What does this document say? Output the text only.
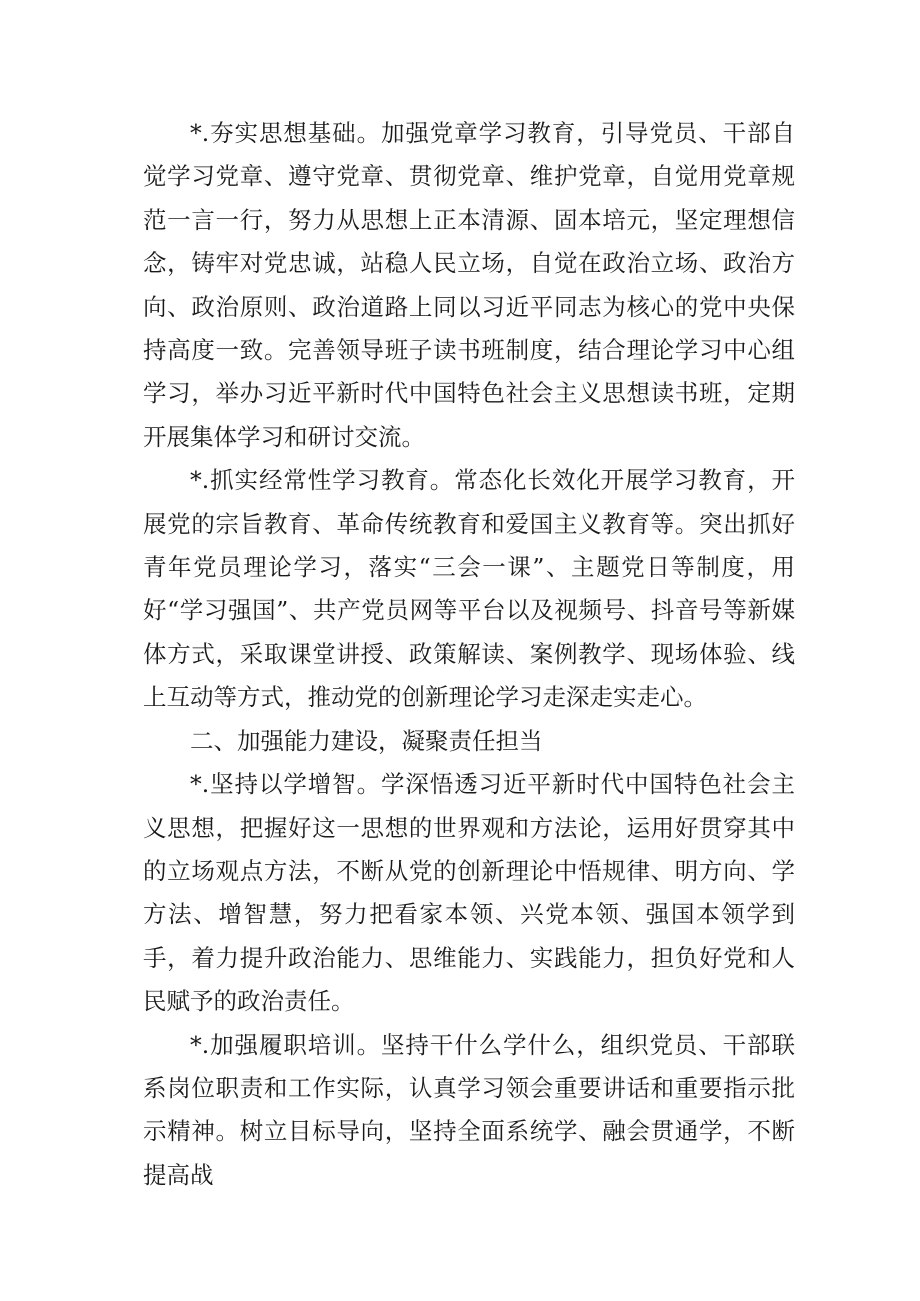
*.夯实思想基础。加强党章学习教育，引导党员、干部自觉学习党章、遵守党章、贯彻党章、维护党章，自觉用党章规范一言一行，努力从思想上正本清源、固本培元，坚定理想信念，铸牢对党忠诚，站稳人民立场，自觉在政治立场、政治方向、政治原则、政治道路上同以习近平同志为核心的党中央保持高度一致。完善领导班子读书班制度，结合理论学习中心组学习，举办习近平新时代中国特色社会主义思想读书班，定期开展集体学习和研讨交流。

*.抓实经常性学习教育。常态化长效化开展学习教育，开展党的宗旨教育、革命传统教育和爱国主义教育等。突出抓好青年党员理论学习，落实“三会一课”、主题党日等制度，用好“学习强国”、共产党员网等平台以及视频号、抖音号等新媒体方式，采取课堂讲授、政策解读、案例教学、现场体验、线上互动等方式，推动党的创新理论学习走深走实走心。

二、加强能力建设，凝聚责任担当

*.坚持以学增智。学深悟透习近平新时代中国特色社会主义思想，把握好这一思想的世界观和方法论，运用好贯穿其中的立场观点方法，不断从党的创新理论中悟规律、明方向、学方法、增智慧，努力把看家本领、兴党本领、强国本领学到手，着力提升政治能力、思维能力、实践能力，担负好党和人民赋予的政治责任。

*.加强履职培训。坚持干什么学什么，组织党员、干部联系岗位职责和工作实际，认真学习领会重要讲话和重要指示批示精神。树立目标导向，坚持全面系统学、融会贯通学，不断提高战
